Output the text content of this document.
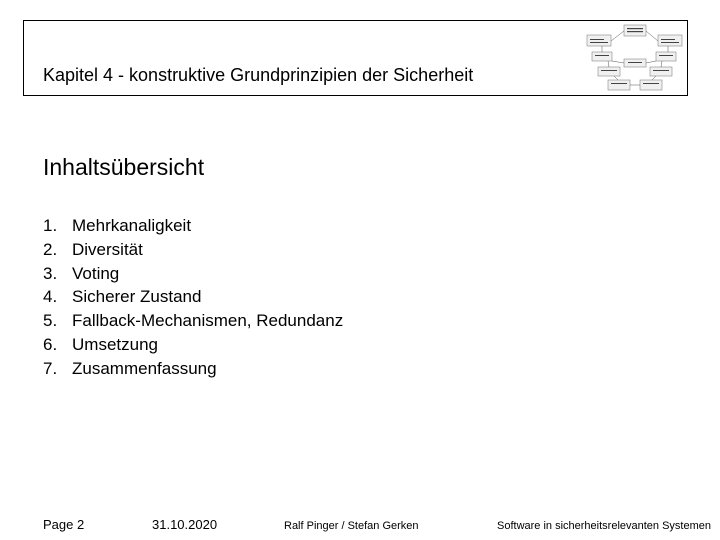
Kapitel 4 - konstruktive Grundprinzipien der Sicherheit
Inhaltsübersicht
1. Mehrkanaligkeit
2. Diversität
3. Voting
4. Sicherer Zustand
5. Fallback-Mechanismen, Redundanz
6. Umsetzung
7. Zusammenfassung
Page 2	31.10.2020	Ralf Pinger / Stefan Gerken	Software in sicherheitsrelevanten Systemen
